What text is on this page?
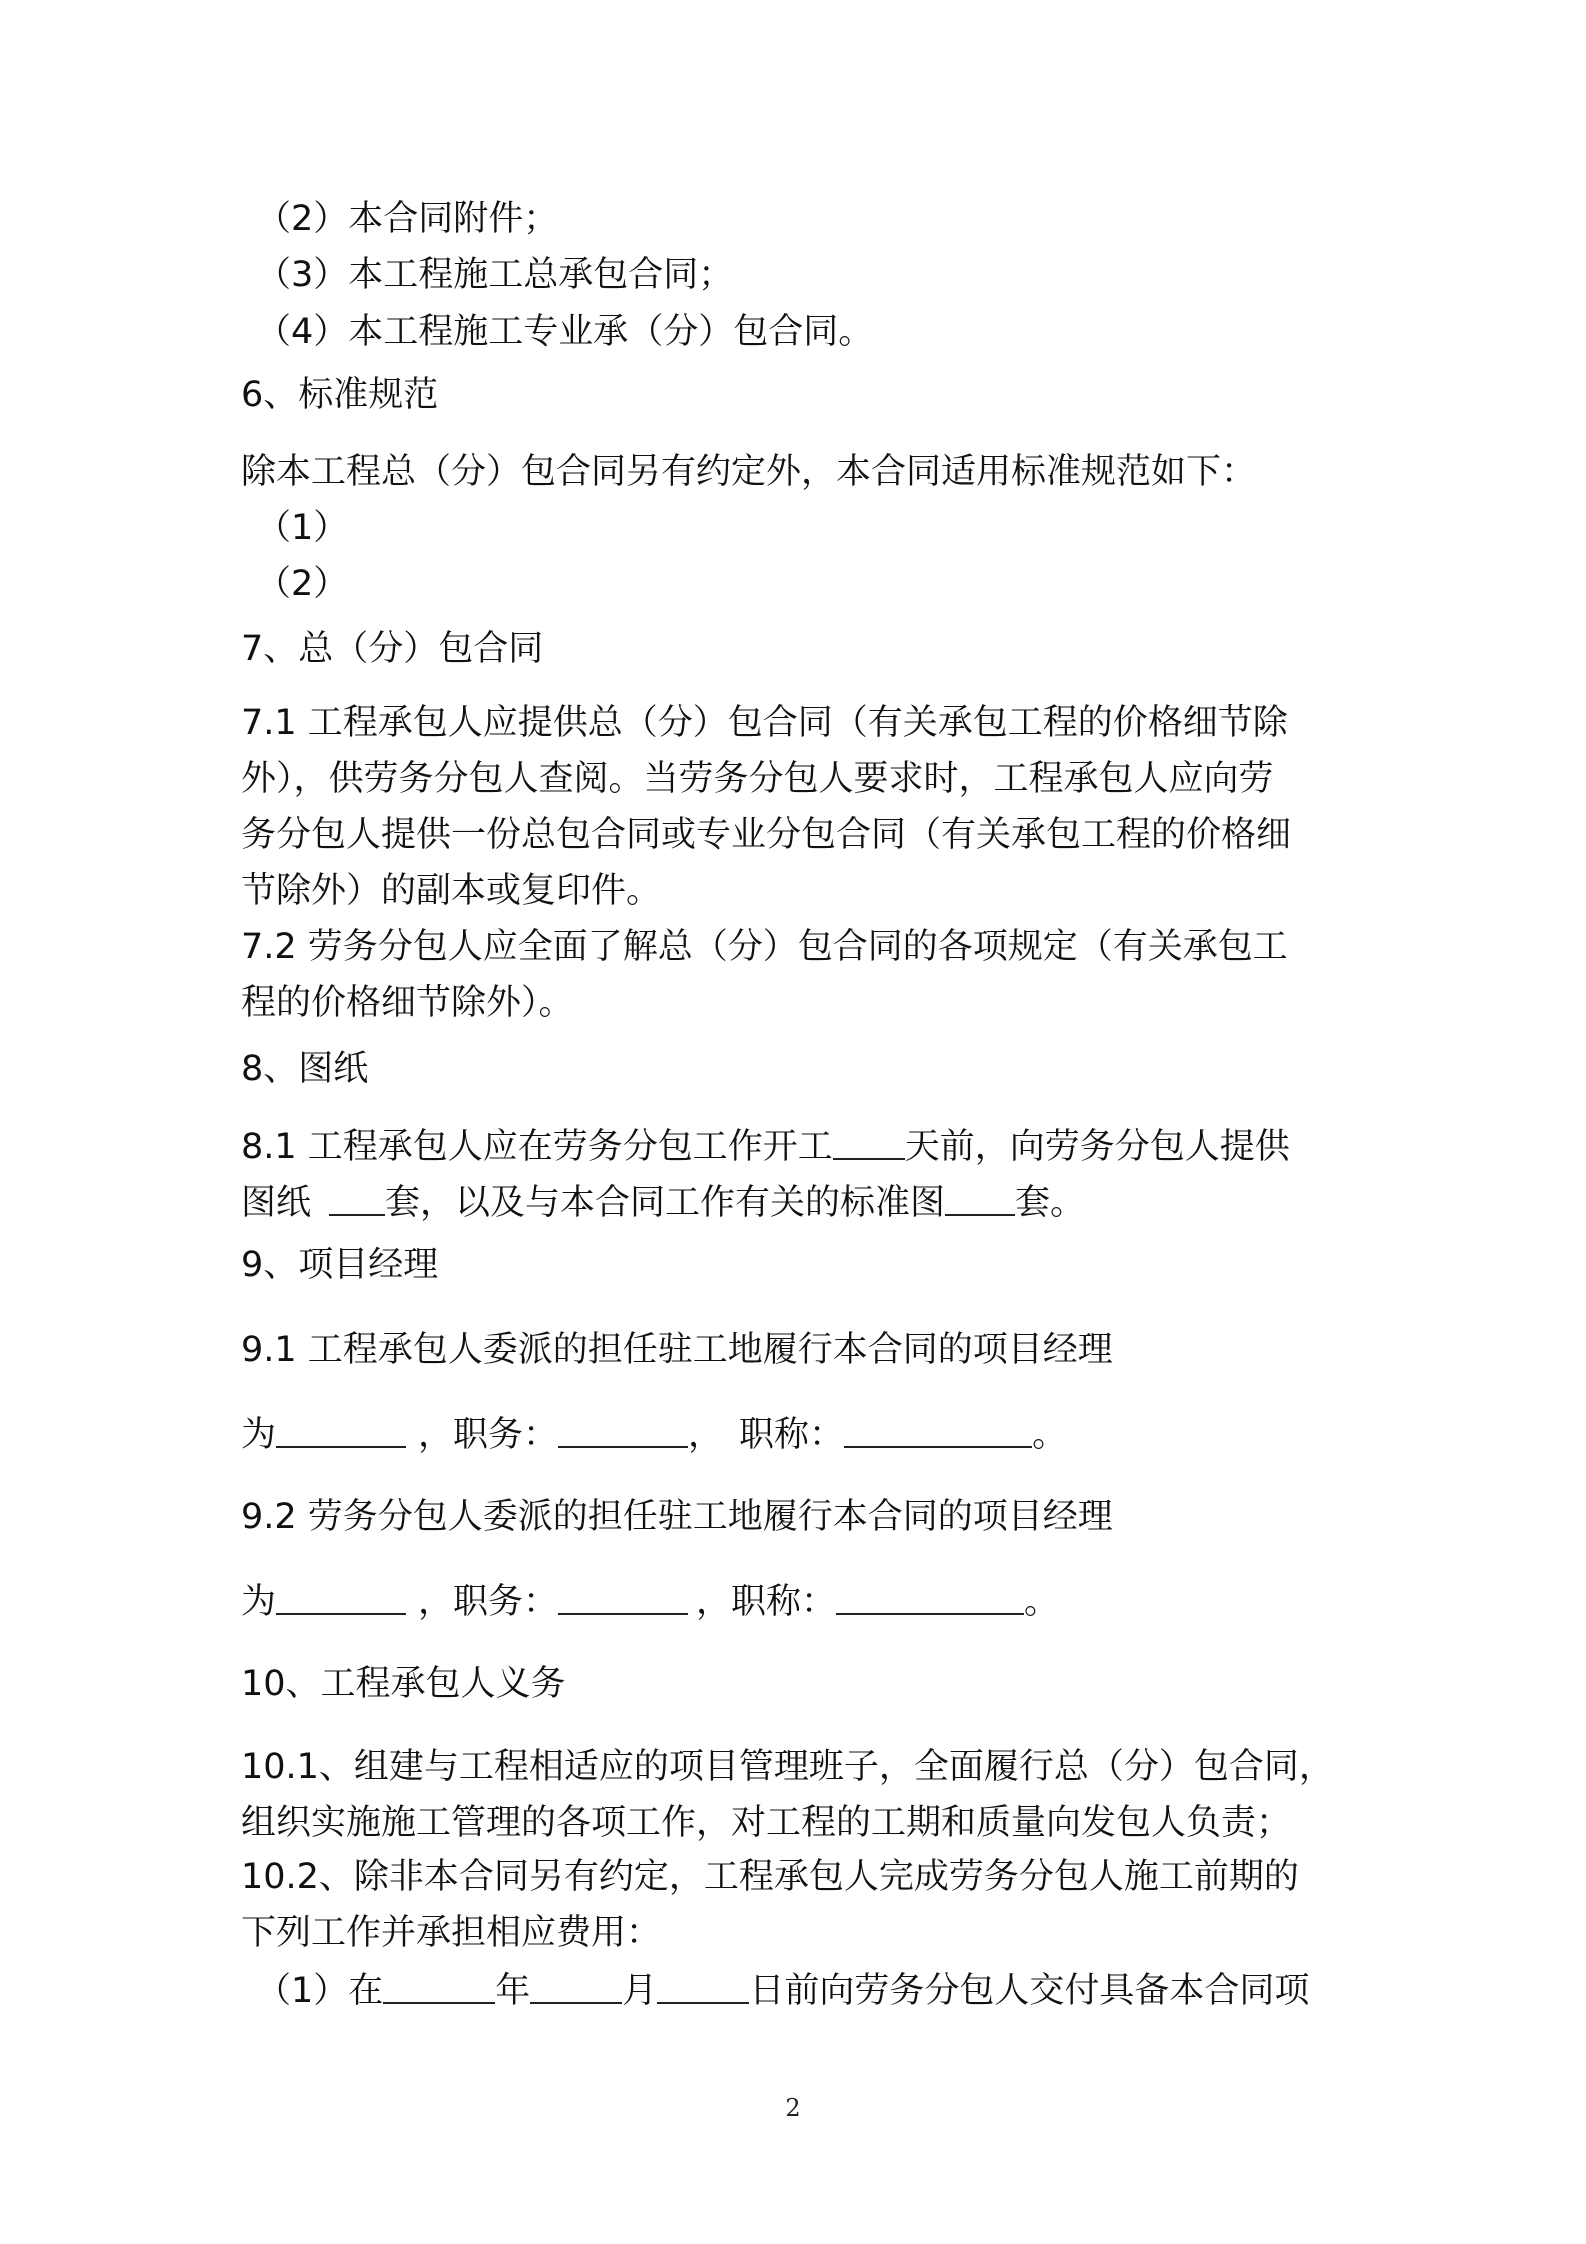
（2）本合同附件；
（3）本工程施工总承包合同；
（4）本工程施工专业承（分）包合同。
6、标准规范
除本工程总（分）包合同另有约定外，本合同适用标准规范如下：
（1）
（2）
7、总（分）包合同
7.1 工程承包人应提供总（分）包合同（有关承包工程的价格细节除
外），供劳务分包人查阅。当劳务分包人要求时，工程承包人应向劳
务分包人提供一份总包合同或专业分包合同（有关承包工程的价格细
节除外）的副本或复印件。
7.2 劳务分包人应全面了解总（分）包合同的各项规定（有关承包工
程的价格细节除外）。
8、图纸
8.1 工程承包人应在劳务分包工作开工 天前，向劳务分包人提供
图纸 套，以及与本合同工作有关的标准图 套。
9、项目经理
9.1 工程承包人委派的担任驻工地履行本合同的项目经理
为	，职务：	， 职称：	。
9.2 劳务分包人委派的担任驻工地履行本合同的项目经理
为	，职务：	，职称：	。
10、工程承包人义务
10.1、组建与工程相适应的项目管理班子，全面履行总（分）包合同，
组织实施施工管理的各项工作，对工程的工期和质量向发包人负责；
10.2、除非本合同另有约定，工程承包人完成劳务分包人施工前期的
下列工作并承担相应费用：
（1）在	年	月	日前向劳务分包人交付具备本合同项
2
